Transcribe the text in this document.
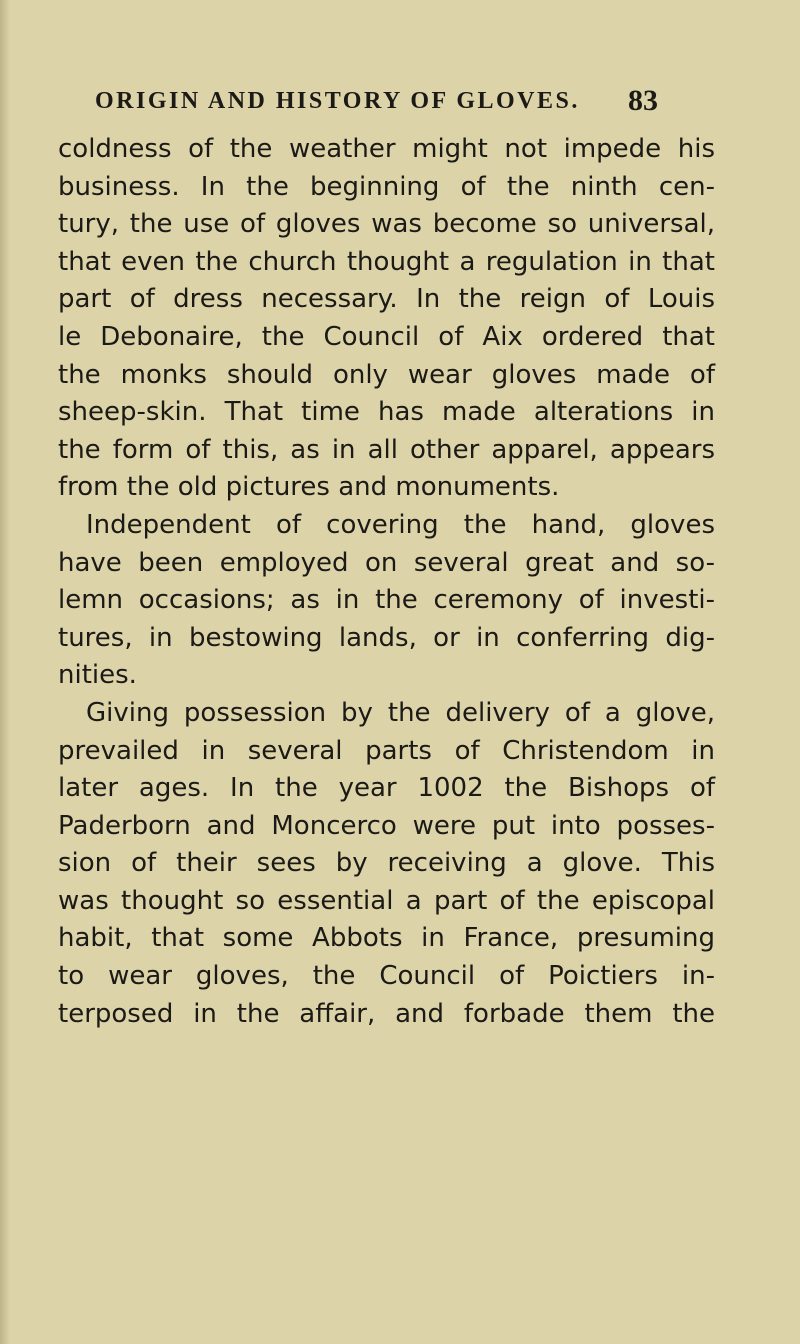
ORIGIN AND HISTORY OF GLOVES. 83
coldness of the weather might not impede his
business. In the beginning of the ninth cen-
tury, the use of gloves was become so universal,
that even the church thought a regulation in that
part of dress necessary. In the reign of Louis
le Debonaire, the Council of Aix ordered that
the monks should only wear gloves made of
sheep-skin. That time has made alterations in
the form of this, as in all other apparel, appears
from the old pictures and monuments.
Independent of covering the hand, gloves
have been employed on several great and so-
lemn occasions; as in the ceremony of investi-
tures, in bestowing lands, or in conferring dig-
nities.
Giving possession by the delivery of a glove,
prevailed in several parts of Christendom in
later ages. In the year 1002 the Bishops of
Paderborn and Moncerco were put into posses-
sion of their sees by receiving a glove. This
was thought so essential a part of the episcopal
habit, that some Abbots in France, presuming
to wear gloves, the Council of Poictiers in-
terposed in the affair, and forbade them the
